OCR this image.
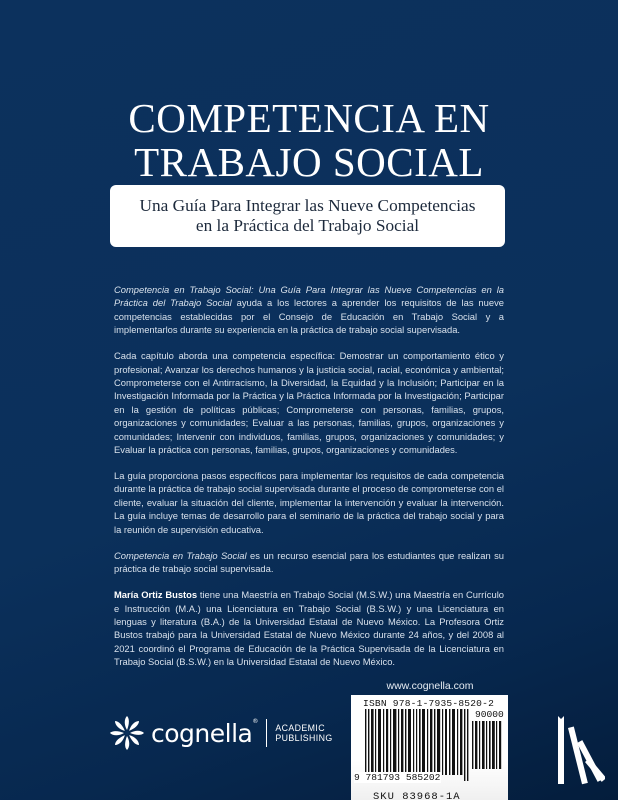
COMPETENCIA EN
TRABAJO SOCIAL
Una Guía Para Integrar las Nueve Competencias
en la Práctica del Trabajo Social

Competencia en Trabajo Social: Una Guía Para Integrar las Nueve Competencias en la Práctica del Trabajo Social ayuda a los lectores a aprender los requisitos de las nueve competencias establecidas por el Consejo de Educación en Trabajo Social y a implementarlos durante su experiencia en la práctica de trabajo social supervisada.

Cada capítulo aborda una competencia específica: Demostrar un comportamiento ético y profesional; Avanzar los derechos humanos y la justicia social, racial, económica y ambiental; Comprometerse con el Antirracismo, la Diversidad, la Equidad y la Inclusión; Participar en la Investigación Informada por la Práctica y la Práctica Informada por la Investigación; Participar en la gestión de políticas públicas; Comprometerse con personas, familias, grupos, organizaciones y comunidades; Evaluar a las personas, familias, grupos, organizaciones y comunidades; Intervenir con individuos, familias, grupos, organizaciones y comunidades; y Evaluar la práctica con personas, familias, grupos, organizaciones y comunidades.

La guía proporciona pasos específicos para implementar los requisitos de cada competencia durante la práctica de trabajo social supervisada durante el proceso de comprometerse con el cliente, evaluar la situación del cliente, implementar la intervención y evaluar la intervención. La guía incluye temas de desarrollo para el seminario de la práctica del trabajo social y para la reunión de supervisión educativa.

Competencia en Trabajo Social es un recurso esencial para los estudiantes que realizan su práctica de trabajo social supervisada.

María Ortiz Bustos tiene una Maestría en Trabajo Social (M.S.W.) una Maestría en Currículo e Instrucción (M.A.) una Licenciatura en Trabajo Social (B.S.W.) y una Licenciatura en lenguas y literatura (B.A.) de la Universidad Estatal de Nuevo México. La Profesora Ortiz Bustos trabajó para la Universidad Estatal de Nuevo México durante 24 años, y del 2008 al 2021 coordinó el Programa de Educación de la Práctica Supervisada de la Licenciatura en Trabajo Social (B.S.W.) en la Universidad Estatal de Nuevo México.

cognella®
ACADEMIC
PUBLISHING
www.cognella.com
ISBN 978-1-7935-8520-2
90000
9 781793 585202
SKU 83968-1A
